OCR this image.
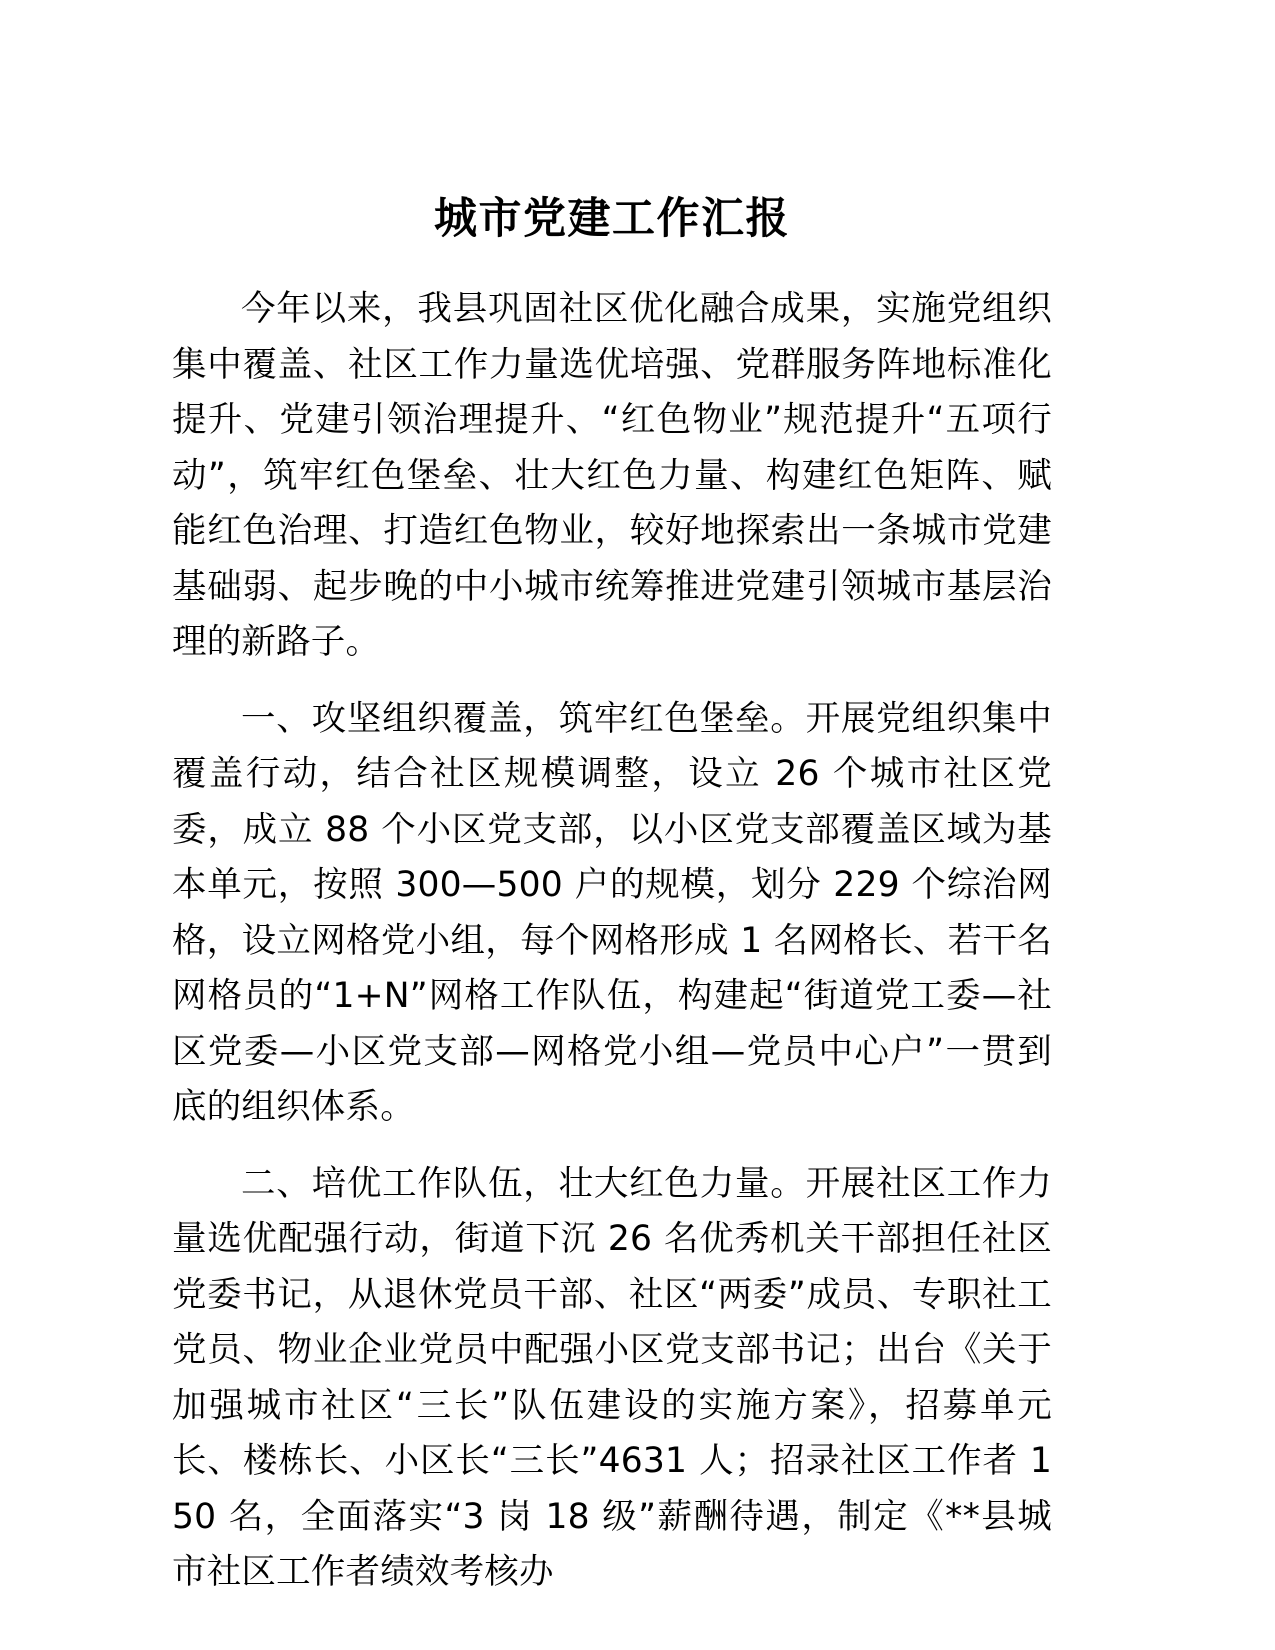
城市党建工作汇报

今年以来，我县巩固社区优化融合成果，实施党组织集中覆盖、社区工作力量选优培强、党群服务阵地标准化提升、党建引领治理提升、“红色物业”规范提升“五项行动”，筑牢红色堡垒、壮大红色力量、构建红色矩阵、赋能红色治理、打造红色物业，较好地探索出一条城市党建基础弱、起步晚的中小城市统筹推进党建引领城市基层治理的新路子。

一、攻坚组织覆盖，筑牢红色堡垒。开展党组织集中覆盖行动，结合社区规模调整，设立 26 个城市社区党委，成立 88 个小区党支部，以小区党支部覆盖区域为基本单元，按照 300—500 户的规模，划分 229 个综治网格，设立网格党小组，每个网格形成 1 名网格长、若干名网格员的“1+N”网格工作队伍，构建起“街道党工委—社区党委—小区党支部—网格党小组—党员中心户”一贯到底的组织体系。

二、培优工作队伍，壮大红色力量。开展社区工作力量选优配强行动，街道下沉 26 名优秀机关干部担任社区党委书记，从退休党员干部、社区“两委”成员、专职社工党员、物业企业党员中配强小区党支部书记；出台《关于加强城市社区“三长”队伍建设的实施方案》，招募单元长、楼栋长、小区长“三长”4631 人；招录社区工作者 150 名，全面落实“3 岗 18 级”薪酬待遇，制定《**县城市社区工作者绩效考核办
